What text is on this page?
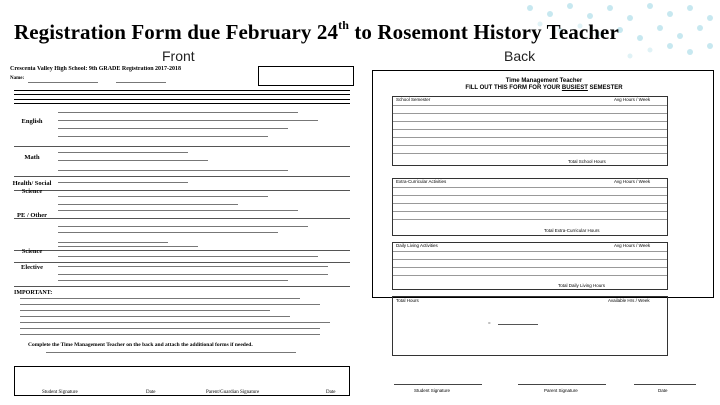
Registration Form due February 24th to Rosemont History Teacher
Front	Back
Crescenta Valley High School: 9th GRADE Registration 2017-2018
Name:
English
Math
Health/ Social Science
PE / Other
Science
Elective
IMPORTANT:
Complete the Time Management Teacher on the back and attach the additional forms if needed.
Student Signature	Date	Parent/Guardian Signature	Date
Time Management Teacher
FILL OUT THIS FORM FOR YOUR BUSIEST SEMESTER
School Semester	Avg Hours / Week
Total School Hours
Extra-Curricular Activities	Avg Hours / Week
Total Extra-Curricular Hours
Daily Living Activities	Avg Hours / Week
Total Daily Living Hours
Total Hours	Available Hrs / Week
=
Student Signature	Parent Signature	Date
